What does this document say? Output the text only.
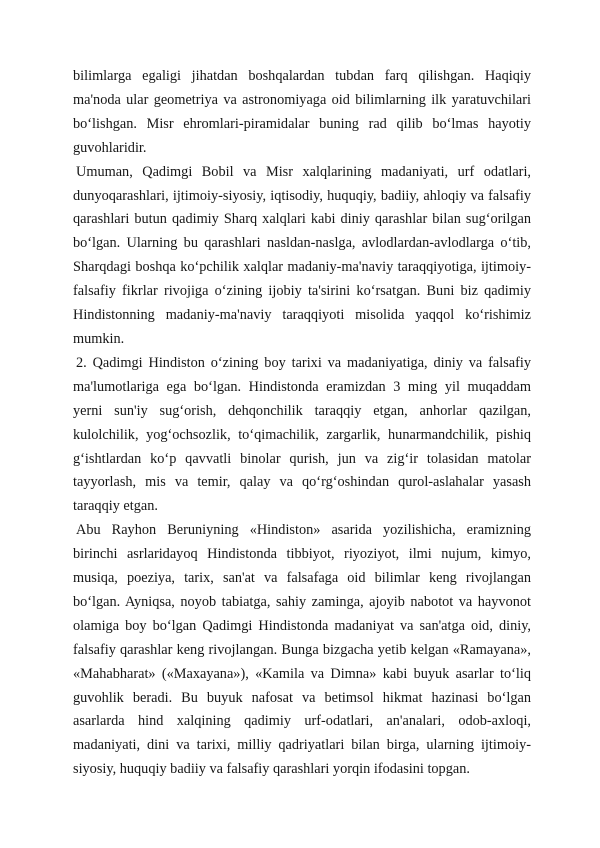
bilimlarga egaligi jihatdan boshqalardan tubdan farq qilishgan. Haqiqiy ma'noda ular geometriya va astronomiyaga oid bilimlarning ilk yaratuvchilari bo‘lishgan. Misr ehromlari-piramidalar buning rad qilib bo‘lmas hayotiy guvohlaridir.

Umuman, Qadimgi Bobil va Misr xalqlarining madaniyati, urf odatlari, dunyoqarashlari, ijtimoiy-siyosiy, iqtisodiy, huquqiy, badiiy, ahloqiy va falsafiy qarashlari butun qadimiy Sharq xalqlari kabi diniy qarashlar bilan sug‘orilgan bo‘lgan. Ularning bu qarashlari nasldan-naslga, avlodlardan-avlodlarga o‘tib, Sharqdagi boshqa ko‘pchilik xalqlar madaniy-ma'naviy taraqqiyotiga, ijtimoiy-falsafiy fikrlar rivojiga o‘zining ijobiy ta'sirini ko‘rsatgan. Buni biz qadimiy Hindistonning madaniy-ma'naviy taraqqiyoti misolida yaqqol ko‘rishimiz mumkin.

2. Qadimgi Hindiston o‘zining boy tarixi va madaniyatiga, diniy va falsafiy ma'lumotlariga ega bo‘lgan. Hindistonda eramizdan 3 ming yil muqaddam yerni sun'iy sug‘orish, dehqonchilik taraqqiy etgan, anhorlar qazilgan, kulolchilik, yog‘ochsozlik, to‘qimachilik, zargarlik, hunarmandchilik, pishiq g‘ishtlardan ko‘p qavvatli binolar qurish, jun va zig‘ir tolasidan matolar tayyorlash, mis va temir, qalay va qo‘rg‘oshindan qurol-aslahalar yasash taraqqiy etgan.

Abu Rayhon Beruniyning «Hindiston» asarida yozilishicha, eramizning birinchi asrlaridayoq Hindistonda tibbiyot, riyoziyot, ilmi nujum, kimyo, musiqa, poeziya, tarix, san'at va falsafaga oid bilimlar keng rivojlangan bo‘lgan. Ayniqsa, noyob tabiatga, sahiy zaminga, ajoyib nabotot va hayvonot olamiga boy bo‘lgan Qadimgi Hindistonda madaniyat va san'atga oid, diniy, falsafiy qarashlar keng rivojlangan. Bunga bizgacha yetib kelgan «Ramayana», «Mahabharat» («Maxayana»), «Kamila va Dimna» kabi buyuk asarlar to‘liq guvohlik beradi. Bu buyuk nafosat va betimsol hikmat hazinasi bo‘lgan asarlarda hind xalqining qadimiy urf-odatlari, an'analari, odob-axloqi, madaniyati, dini va tarixi, milliy qadriyatlari bilan birga, ularning ijtimoiy-siyosiy, huquqiy badiiy va falsafiy qarashlari yorqin ifodasini topgan.
